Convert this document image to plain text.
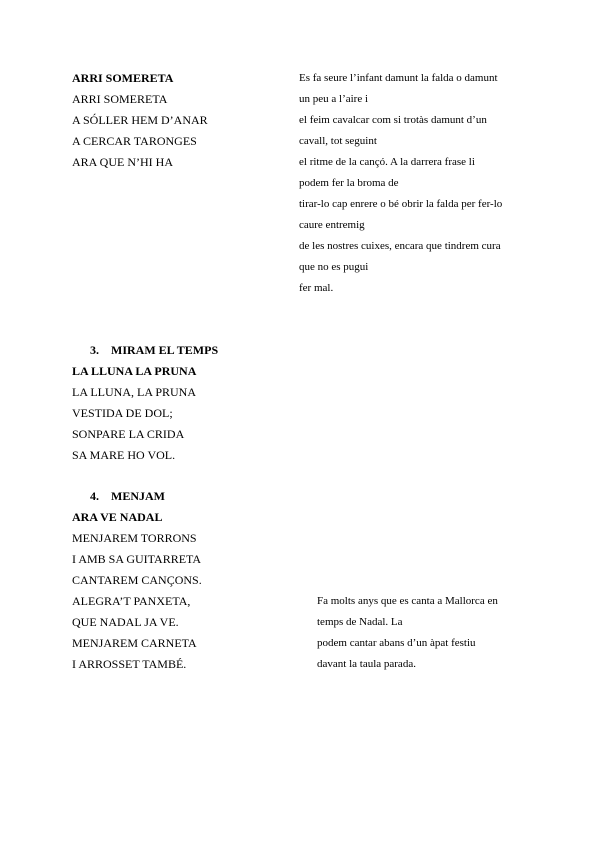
ARRI SOMERETA
ARRI SOMERETA
A SÓLLER HEM D’ANAR
A CERCAR TARONGES
ARA QUE N’HI HA
Es fa seure l’infant damunt la falda o damunt
un peu a l’aire i
el feim cavalcar com si trotàs damunt d’un
cavall, tot seguint
el ritme de la cançó. A la darrera frase li
podem fer la broma de
tirar-lo cap enrere o bé obrir la falda per fer-lo
caure entremig
de les nostres cuixes, encara que tindrem cura
que no es pugui
fer mal.
3. MIRAM EL TEMPS
LA LLUNA LA PRUNA
LA LLUNA, LA PRUNA
VESTIDA DE DOL;
SONPARE LA CRIDA
SA MARE HO VOL.
4. MENJAM
ARA VE NADAL
MENJAREM TORRONS
I AMB SA GUITARRETA
CANTAREM CANÇONS.
ALEGRA’T PANXETA,
QUE NADAL JA VE.
MENJAREM CARNETA
I ARROSSET TAMBÉ.
Fa molts anys que es canta a Mallorca en
temps de Nadal. La
podem cantar abans d’un àpat festiu
davant la taula parada.
